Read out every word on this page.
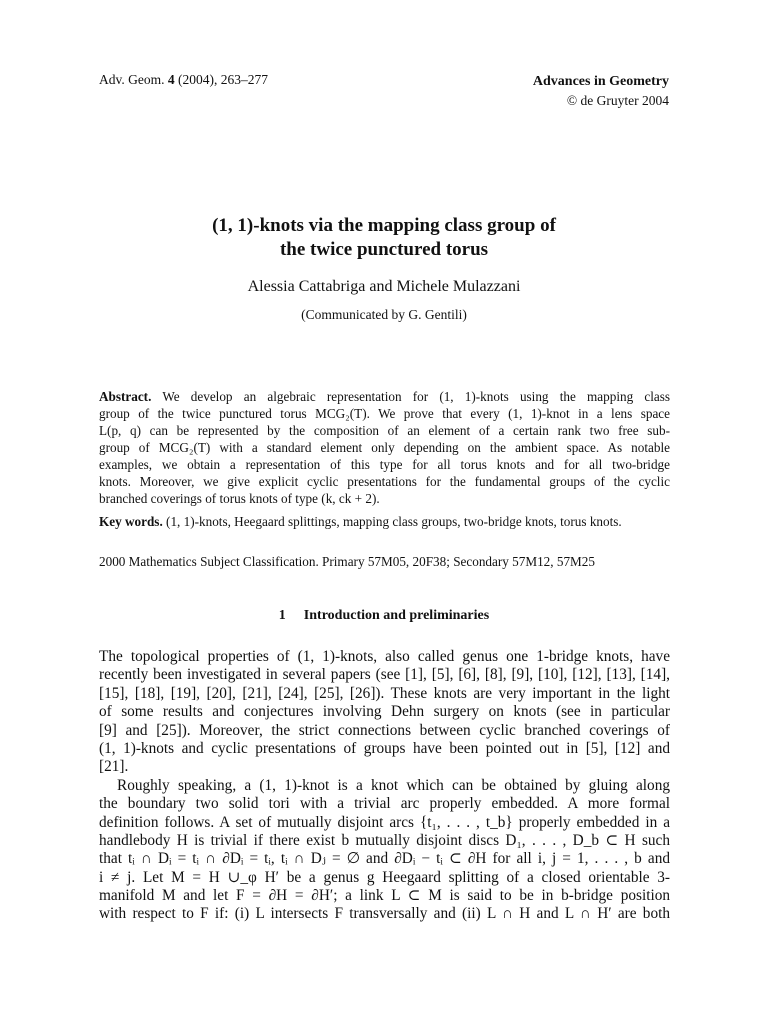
Adv. Geom. 4 (2004), 263–277	Advances in Geometry
© de Gruyter 2004
(1, 1)-knots via the mapping class group of
the twice punctured torus
Alessia Cattabriga and Michele Mulazzani
(Communicated by G. Gentili)
Abstract. We develop an algebraic representation for (1, 1)-knots using the mapping class
group of the twice punctured torus MCG₂(T). We prove that every (1, 1)-knot in a lens space
L(p, q) can be represented by the composition of an element of a certain rank two free sub-
group of MCG₂(T) with a standard element only depending on the ambient space. As notable
examples, we obtain a representation of this type for all torus knots and for all two-bridge
knots. Moreover, we give explicit cyclic presentations for the fundamental groups of the cyclic
branched coverings of torus knots of type (k, ck + 2).
Key words. (1, 1)-knots, Heegaard splittings, mapping class groups, two-bridge knots, torus knots.
2000 Mathematics Subject Classification. Primary 57M05, 20F38; Secondary 57M12, 57M25
1 Introduction and preliminaries
The topological properties of (1, 1)-knots, also called genus one 1-bridge knots, have
recently been investigated in several papers (see [1], [5], [6], [8], [9], [10], [12], [13], [14],
[15], [18], [19], [20], [21], [24], [25], [26]). These knots are very important in the light
of some results and conjectures involving Dehn surgery on knots (see in particular
[9] and [25]). Moreover, the strict connections between cyclic branched coverings of
(1, 1)-knots and cyclic presentations of groups have been pointed out in [5], [12] and
[21].
Roughly speaking, a (1, 1)-knot is a knot which can be obtained by gluing along
the boundary two solid tori with a trivial arc properly embedded. A more formal
definition follows. A set of mutually disjoint arcs {t₁, . . . , t_b} properly embedded in a
handlebody H is trivial if there exist b mutually disjoint discs D₁, . . . , D_b ⊂ H such
that tᵢ ∩ Dᵢ = tᵢ ∩ ∂Dᵢ = tᵢ, tᵢ ∩ Dⱼ = ∅ and ∂Dᵢ − tᵢ ⊂ ∂H for all i, j = 1, . . . , b and
i ≠ j. Let M = H ∪_φ H′ be a genus g Heegaard splitting of a closed orientable 3-
manifold M and let F = ∂H = ∂H′; a link L ⊂ M is said to be in b-bridge position
with respect to F if: (i) L intersects F transversally and (ii) L ∩ H and L ∩ H′ are both
